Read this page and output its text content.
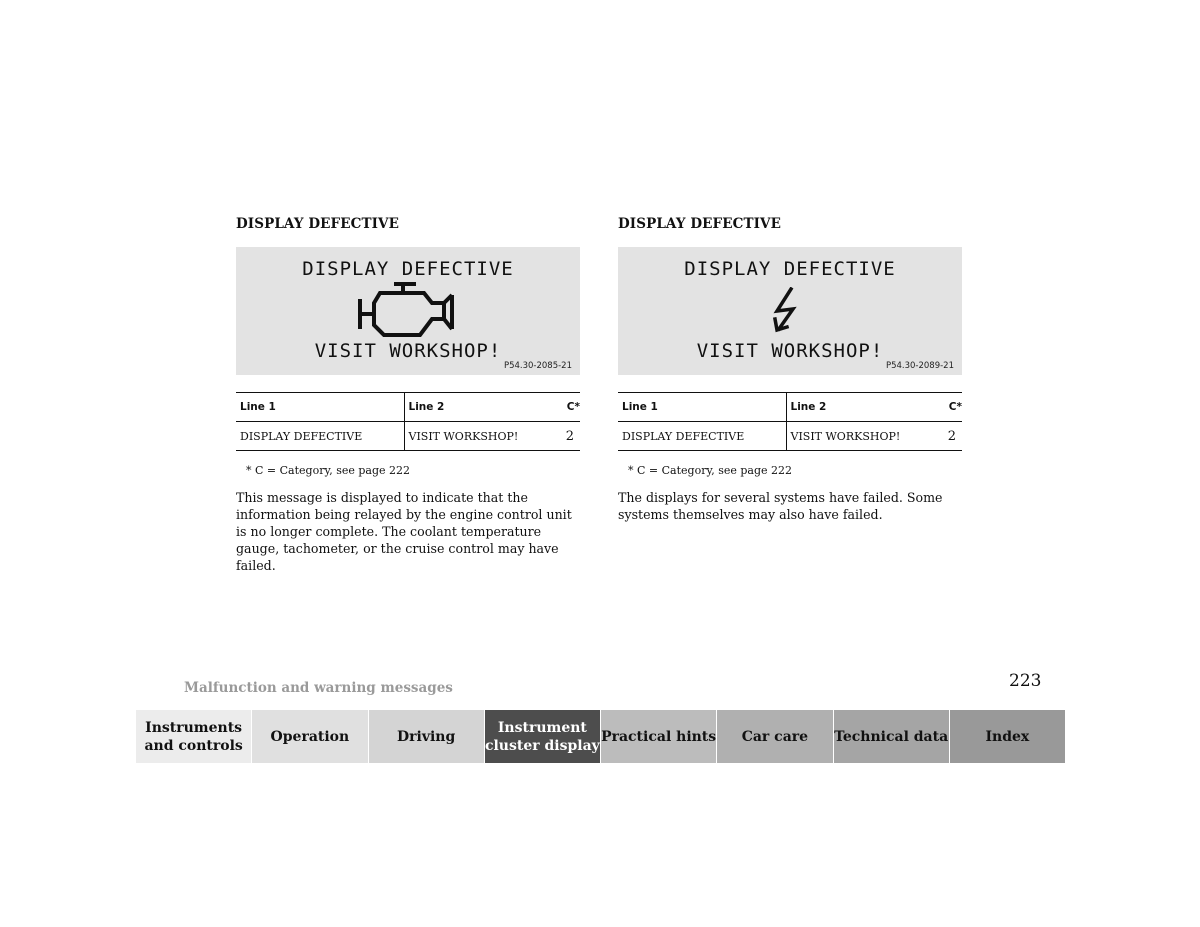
DISPLAY DEFECTIVE
DISPLAY DEFECTIVE
VISIT WORKSHOP!
P54.30-2085-21
Line 1	Line 2	C*
DISPLAY DEFECTIVE	VISIT WORKSHOP!	2
* C = Category, see page 222
This message is displayed to indicate that the information being relayed by the engine control unit is no longer complete. The coolant temperature gauge, tachometer, or the cruise control may have failed.
DISPLAY DEFECTIVE
DISPLAY DEFECTIVE
VISIT WORKSHOP!
P54.30-2089-21
Line 1	Line 2	C*
DISPLAY DEFECTIVE	VISIT WORKSHOP!	2
* C = Category, see page 222
The displays for several systems have failed. Some systems themselves may also have failed.
Malfunction and warning messages	223
Instruments and controls
Operation	Driving
Instrument cluster display
Practical hints	Car care	Technical data	Index
